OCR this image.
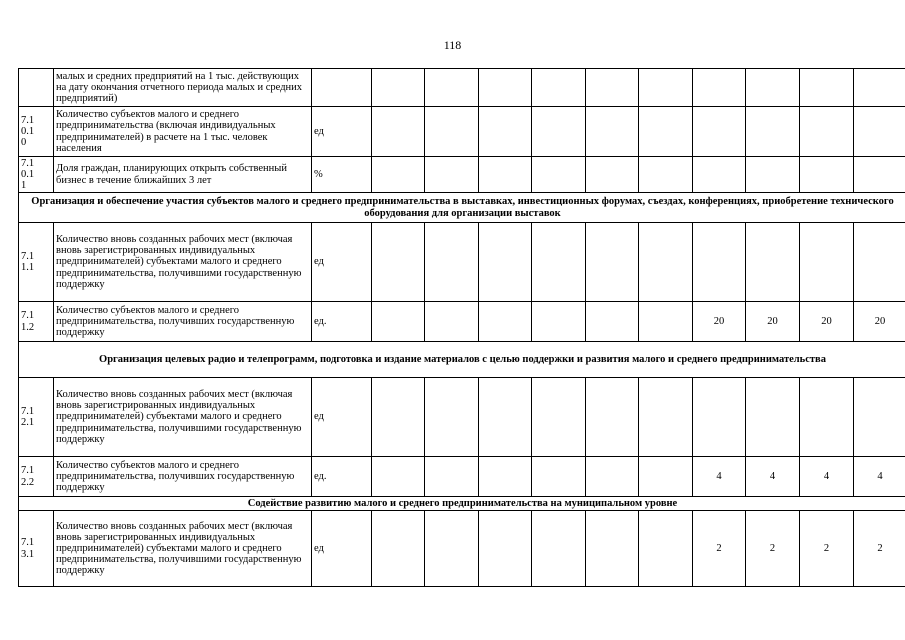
118
	малых и средних предприятий на 1 тыс. действующих на дату окончания отчетного периода малых и средних предприятий)											
7.1
0.1
0	Количество субъектов малого и среднего предпринимательства (включая индивидуальных предпринимателей) в расчете на 1 тыс. человек населения	ед										
7.1
0.1
1	Доля граждан, планирующих открыть собственный бизнес в течение ближайших 3 лет	%										
Организация и обеспечение участия субъектов малого и среднего предпринимательства в выставках, инвестиционных форумах, съездах, конференциях, приобретение технического оборудования для организации выставок												
7.1
1.1	Количество вновь созданных рабочих мест (включая вновь зарегистрированных индивидуальных предпринимателей) субъектами малого и среднего предпринимательства, получившими государственную поддержку	ед										
7.1
1.2	Количество субъектов малого и среднего предпринимательства, получивших государственную поддержку	ед.							20	20	20	20
Организация целевых радио и телепрограмм, подготовка и издание материалов с целью поддержки и развития малого и среднего предпринимательства												
7.1
2.1	Количество вновь созданных рабочих мест (включая вновь зарегистрированных индивидуальных предпринимателей) субъектами малого и среднего предпринимательства, получившими государственную поддержку	ед										
7.1
2.2	Количество субъектов малого и среднего предпринимательства, получивших государственную поддержку	ед.							4	4	4	4
Содействие развитию малого и среднего предпринимательства на муниципальном уровне												
7.1
3.1	Количество вновь созданных рабочих мест (включая вновь зарегистрированных индивидуальных предпринимателей) субъектами малого и среднего предпринимательства, получившими государственную поддержку	ед							2	2	2	2
